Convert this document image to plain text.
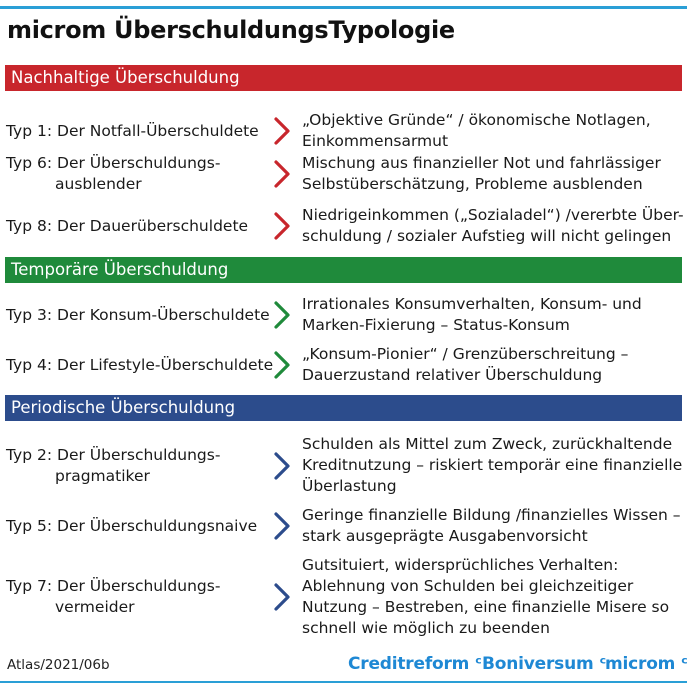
microm ÜberschuldungsTypologie
Nachhaltige Überschuldung
Typ 1: Der Notfall-Überschuldete
„Objektive Gründe“ / ökonomische Notlagen,
Einkommensarmut
Typ 6: Der Überschuldungs-
ausblender
Mischung aus finanzieller Not und fahrlässiger
Selbstüberschätzung, Probleme ausblenden
Typ 8: Der Dauerüberschuldete
Niedrigeinkommen („Sozialadel“) /vererbte Über-
schuldung / sozialer Aufstieg will nicht gelingen
Temporäre Überschuldung
Typ 3: Der Konsum-Überschuldete
Irrationales Konsumverhalten, Konsum- und
Marken-Fixierung – Status-Konsum
Typ 4: Der Lifestyle-Überschuldete
„Konsum-Pionier“ / Grenzüberschreitung –
Dauerzustand relativer Überschuldung
Periodische Überschuldung
Typ 2: Der Überschuldungs-
pragmatiker
Schulden als Mittel zum Zweck, zurückhaltende
Kreditnutzung – riskiert temporär eine finanzielle
Überlastung
Typ 5: Der Überschuldungsnaive
Geringe finanzielle Bildung /finanzielles Wissen –
stark ausgeprägte Ausgabenvorsicht
Typ 7: Der Überschuldungs-
vermeider
Gutsituiert, widersprüchliches Verhalten:
Ablehnung von Schulden bei gleichzeitiger
Nutzung – Bestreben, eine finanzielle Misere so
schnell wie möglich zu beenden
Atlas/2021/06b	Creditreform ᶜ Boniversum ᶜ
microm ᶜ
